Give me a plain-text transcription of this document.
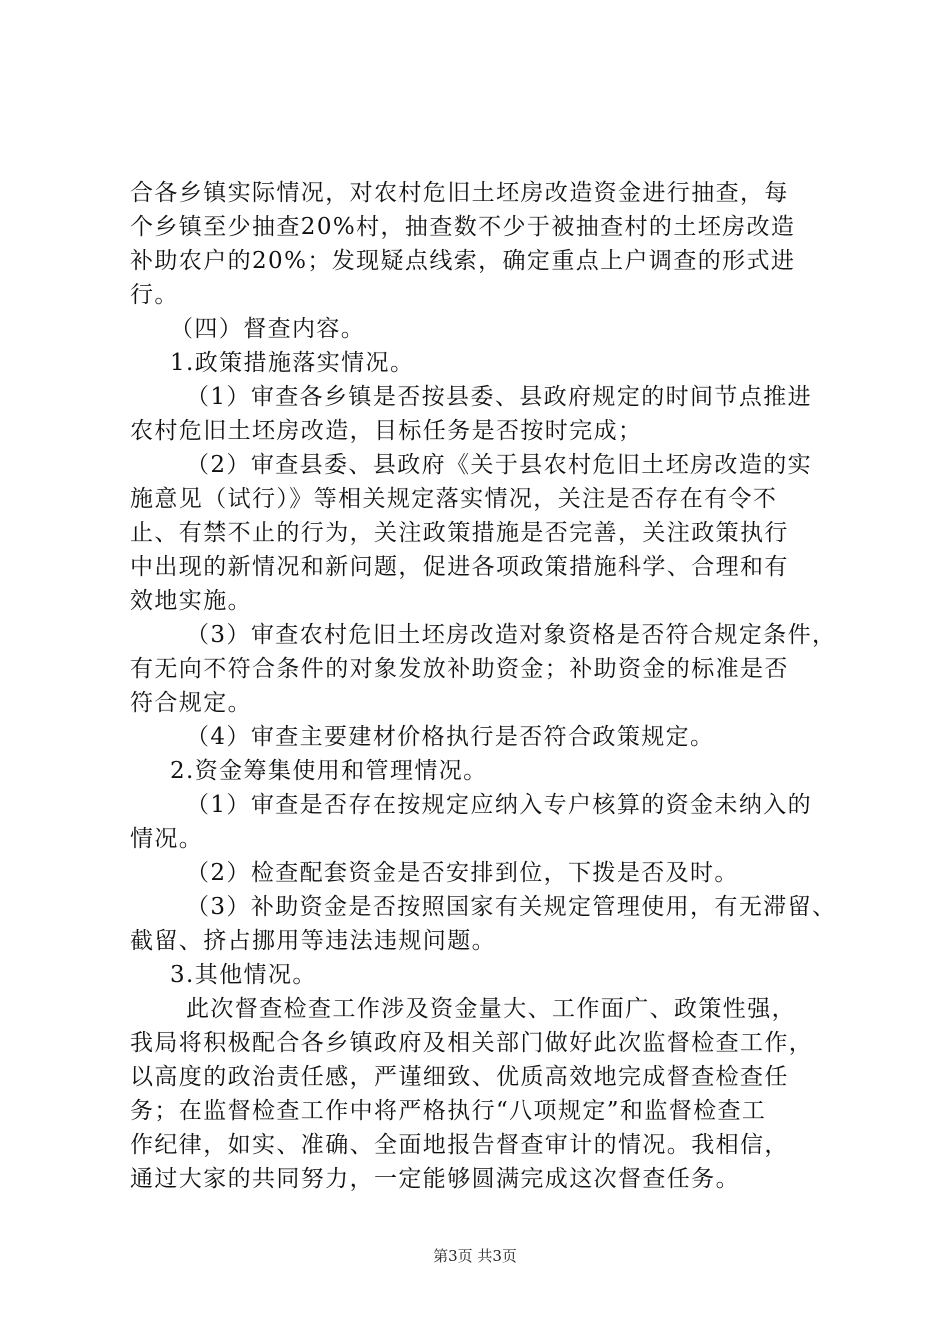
合各乡镇实际情况，对农村危旧土坯房改造资金进行抽查，每
个乡镇至少抽查20%村，抽查数不少于被抽查村的土坯房改造
补助农户的20%；发现疑点线索，确定重点上户调查的形式进
行。
（四）督查内容。
1.政策措施落实情况。
（1）审查各乡镇是否按县委、县政府规定的时间节点推进
农村危旧土坯房改造，目标任务是否按时完成；
（2）审查县委、县政府《关于县农村危旧土坯房改造的实
施意见（试行）》等相关规定落实情况，关注是否存在有令不
止、有禁不止的行为，关注政策措施是否完善，关注政策执行
中出现的新情况和新问题，促进各项政策措施科学、合理和有
效地实施。
（3）审查农村危旧土坯房改造对象资格是否符合规定条件，
有无向不符合条件的对象发放补助资金；补助资金的标准是否
符合规定。
（4）审查主要建材价格执行是否符合政策规定。
2.资金筹集使用和管理情况。
（1）审查是否存在按规定应纳入专户核算的资金未纳入的
情况。
（2）检查配套资金是否安排到位，下拨是否及时。
（3）补助资金是否按照国家有关规定管理使用，有无滞留、
截留、挤占挪用等违法违规问题。
3.其他情况。
此次督查检查工作涉及资金量大、工作面广、政策性强，
我局将积极配合各乡镇政府及相关部门做好此次监督检查工作，
以高度的政治责任感，严谨细致、优质高效地完成督查检查任
务；在监督检查工作中将严格执行“八项规定”和监督检查工
作纪律，如实、准确、全面地报告督查审计的情况。我相信，
通过大家的共同努力，一定能够圆满完成这次督查任务。
第3页 共3页
